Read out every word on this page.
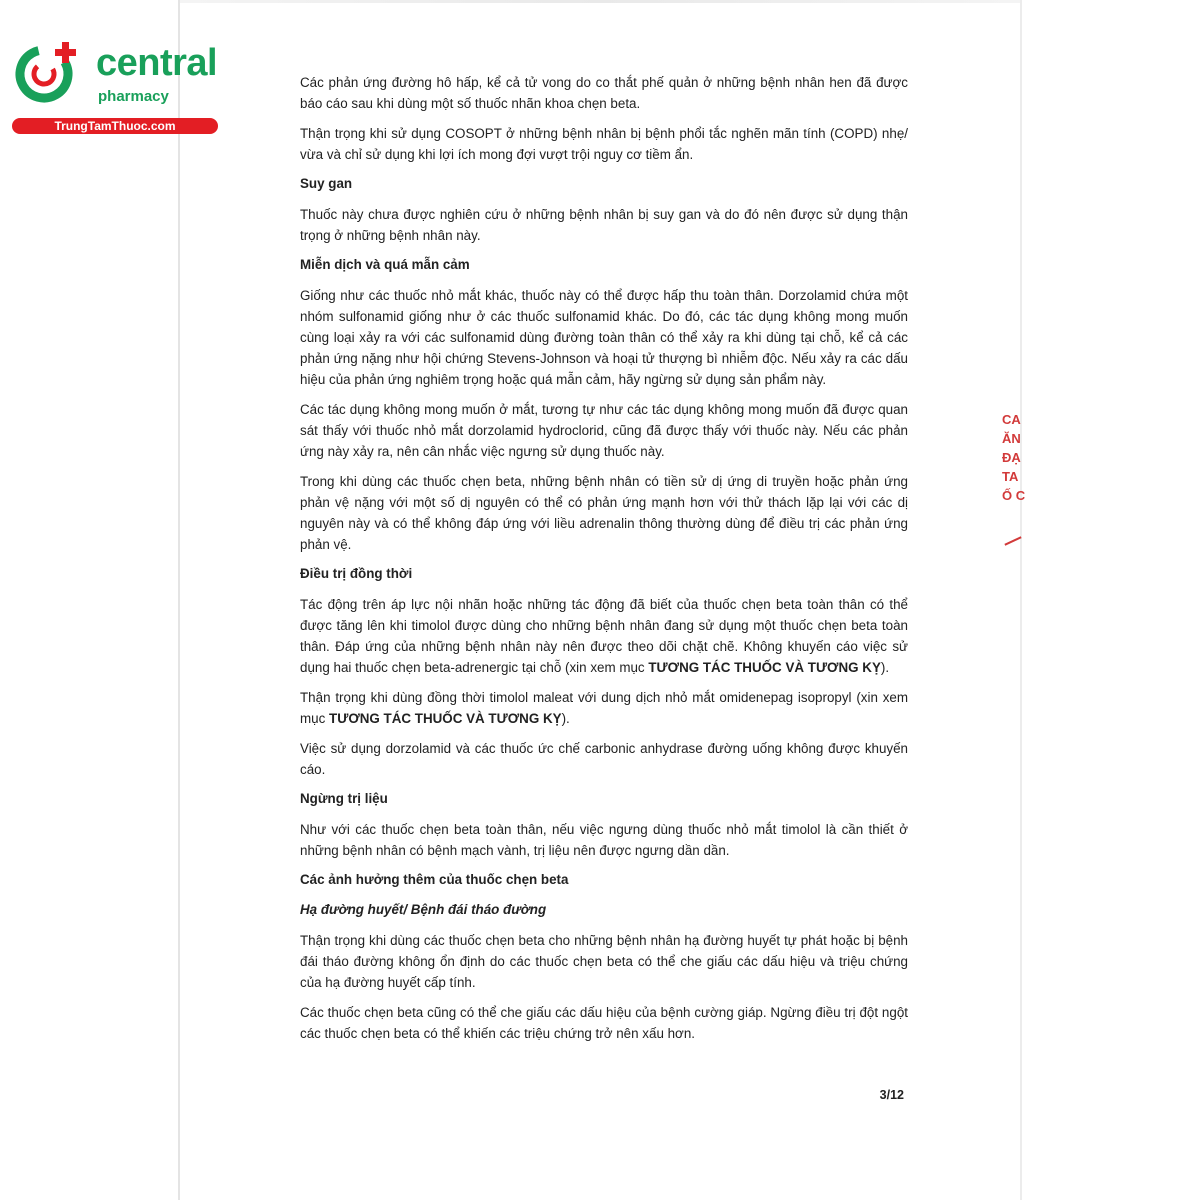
central
pharmacy
TrungTamThuoc.com

Các phản ứng đường hô hấp, kể cả tử vong do co thắt phế quản ở những bệnh nhân hen đã được báo cáo sau khi dùng một số thuốc nhãn khoa chẹn beta.

Thận trọng khi sử dụng COSOPT ở những bệnh nhân bị bệnh phổi tắc nghẽn mãn tính (COPD) nhẹ/ vừa và chỉ sử dụng khi lợi ích mong đợi vượt trội nguy cơ tiềm ẩn.

Suy gan

Thuốc này chưa được nghiên cứu ở những bệnh nhân bị suy gan và do đó nên được sử dụng thận trọng ở những bệnh nhân này.

Miễn dịch và quá mẫn cảm

Giống như các thuốc nhỏ mắt khác, thuốc này có thể được hấp thu toàn thân. Dorzolamid chứa một nhóm sulfonamid giống như ở các thuốc sulfonamid khác. Do đó, các tác dụng không mong muốn cùng loại xảy ra với các sulfonamid dùng đường toàn thân có thể xảy ra khi dùng tại chỗ, kể cả các phản ứng nặng như hội chứng Stevens-Johnson và hoại tử thượng bì nhiễm độc. Nếu xảy ra các dấu hiệu của phản ứng nghiêm trọng hoặc quá mẫn cảm, hãy ngừng sử dụng sản phẩm này.

Các tác dụng không mong muốn ở mắt, tương tự như các tác dụng không mong muốn đã được quan sát thấy với thuốc nhỏ mắt dorzolamid hydroclorid, cũng đã được thấy với thuốc này. Nếu các phản ứng này xảy ra, nên cân nhắc việc ngưng sử dụng thuốc này.

Trong khi dùng các thuốc chẹn beta, những bệnh nhân có tiền sử dị ứng di truyền hoặc phản ứng phản vệ nặng với một số dị nguyên có thể có phản ứng mạnh hơn với thử thách lặp lại với các dị nguyên này và có thể không đáp ứng với liều adrenalin thông thường dùng để điều trị các phản ứng phản vệ.

Điều trị đồng thời

Tác động trên áp lực nội nhãn hoặc những tác động đã biết của thuốc chẹn beta toàn thân có thể được tăng lên khi timolol được dùng cho những bệnh nhân đang sử dụng một thuốc chẹn beta toàn thân. Đáp ứng của những bệnh nhân này nên được theo dõi chặt chẽ. Không khuyến cáo việc sử dụng hai thuốc chẹn beta-adrenergic tại chỗ (xin xem mục TƯƠNG TÁC THUỐC VÀ TƯƠNG KỴ).

Thận trọng khi dùng đồng thời timolol maleat với dung dịch nhỏ mắt omidenepag isopropyl (xin xem mục TƯƠNG TÁC THUỐC VÀ TƯƠNG KỴ).

Việc sử dụng dorzolamid và các thuốc ức chế carbonic anhydrase đường uống không được khuyến cáo.

Ngừng trị liệu

Như với các thuốc chẹn beta toàn thân, nếu việc ngưng dùng thuốc nhỏ mắt timolol là cần thiết ở những bệnh nhân có bệnh mạch vành, trị liệu nên được ngưng dần dần.

Các ảnh hưởng thêm của thuốc chẹn beta
Hạ đường huyết/ Bệnh đái tháo đường

Thận trọng khi dùng các thuốc chẹn beta cho những bệnh nhân hạ đường huyết tự phát hoặc bị bệnh đái tháo đường không ổn định do các thuốc chẹn beta có thể che giấu các dấu hiệu và triệu chứng của hạ đường huyết cấp tính.

Các thuốc chẹn beta cũng có thể che giấu các dấu hiệu của bệnh cường giáp. Ngừng điều trị đột ngột các thuốc chẹn beta có thể khiến các triệu chứng trở nên xấu hơn.

3/12
CA
ĂN
ĐẠ
TA
Ố C
